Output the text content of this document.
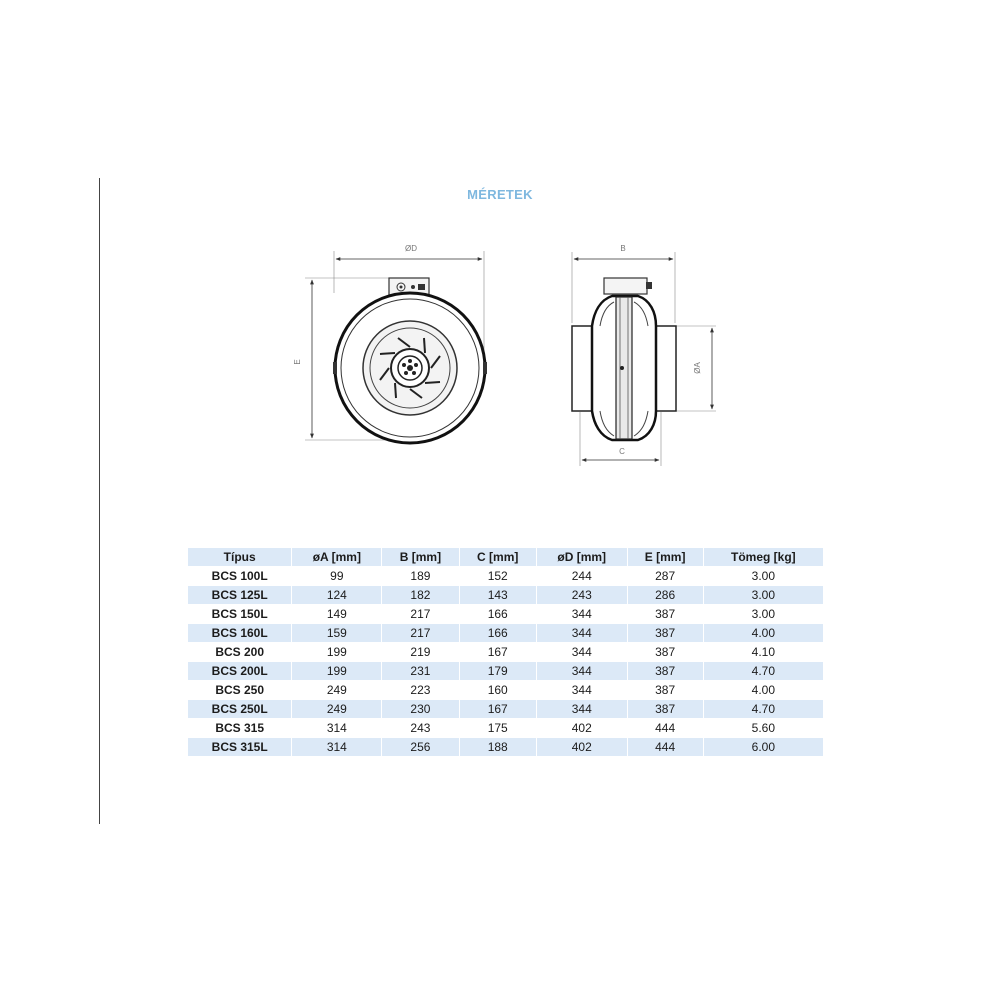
MÉRETEK
ØD
E
B
C
ØA
Típus	øA [mm]	B [mm]	C [mm]	øD [mm]	E [mm]	Tömeg [kg]
BCS 100L	99	189	152	244	287	3.00
BCS 125L	124	182	143	243	286	3.00
BCS 150L	149	217	166	344	387	3.00
BCS 160L	159	217	166	344	387	4.00
BCS 200	199	219	167	344	387	4.10
BCS 200L	199	231	179	344	387	4.70
BCS 250	249	223	160	344	387	4.00
BCS 250L	249	230	167	344	387	4.70
BCS 315	314	243	175	402	444	5.60
BCS 315L	314	256	188	402	444	6.00
